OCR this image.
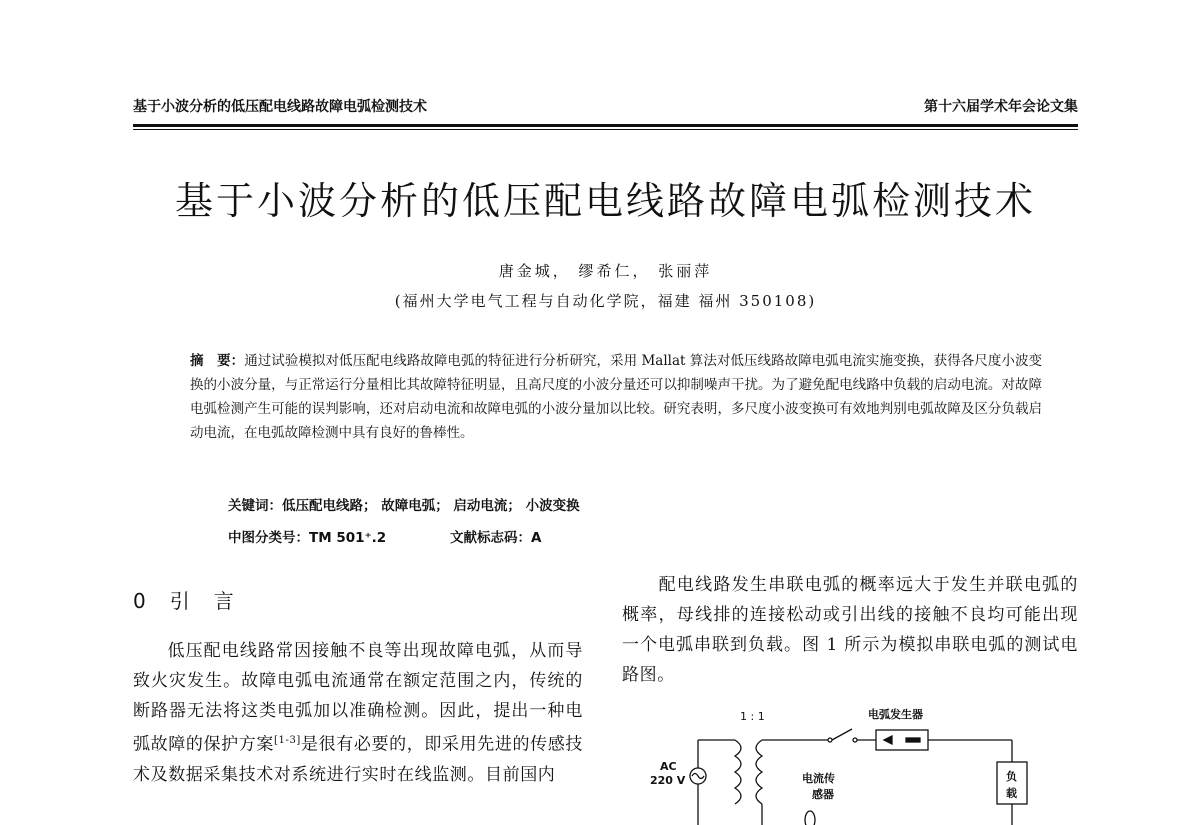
基于小波分析的低压配电线路故障电弧检测技术	第十六届学术年会论文集
基于小波分析的低压配电线路故障电弧检测技术
唐金城， 缪希仁， 张丽萍
(福州大学电气工程与自动化学院，福建 福州 350108)
摘　要：通过试验模拟对低压配电线路故障电弧的特征进行分析研究，采用 Mallat 算法对低压线路故障电弧电流实施变换，获得各尺度小波变换的小波分量，与正常运行分量相比其故障特征明显，且高尺度的小波分量还可以抑制噪声干扰。为了避免配电线路中负载的启动电流。对故障电弧检测产生可能的误判影响，还对启动电流和故障电弧的小波分量加以比较。研究表明，多尺度小波变换可有效地判别电弧故障及区分负载启动电流，在电弧故障检测中具有良好的鲁棒性。
关键词：低压配电线路； 故障电弧； 启动电流； 小波变换
中图分类号：TM 501⁺.2	文献标志码：A
0 引 言
低压配电线路常因接触不良等出现故障电弧，从而导致火灾发生。故障电弧电流通常在额定范围之内，传统的断路器无法将这类电弧加以准确检测。因此，提出一种电弧故障的保护方案[1-3]是很有必要的，即采用先进的传感技术及数据采集技术对系统进行实时在线监测。目前国内
配电线路发生串联电弧的概率远大于发生并联电弧的概率，母线排的连接松动或引出线的接触不良均可能出现一个电弧串联到负载。图 1 所示为模拟串联电弧的测试电路图。
1 : 1	电弧发生器
AC
220 V	负
载
电流传
感器
